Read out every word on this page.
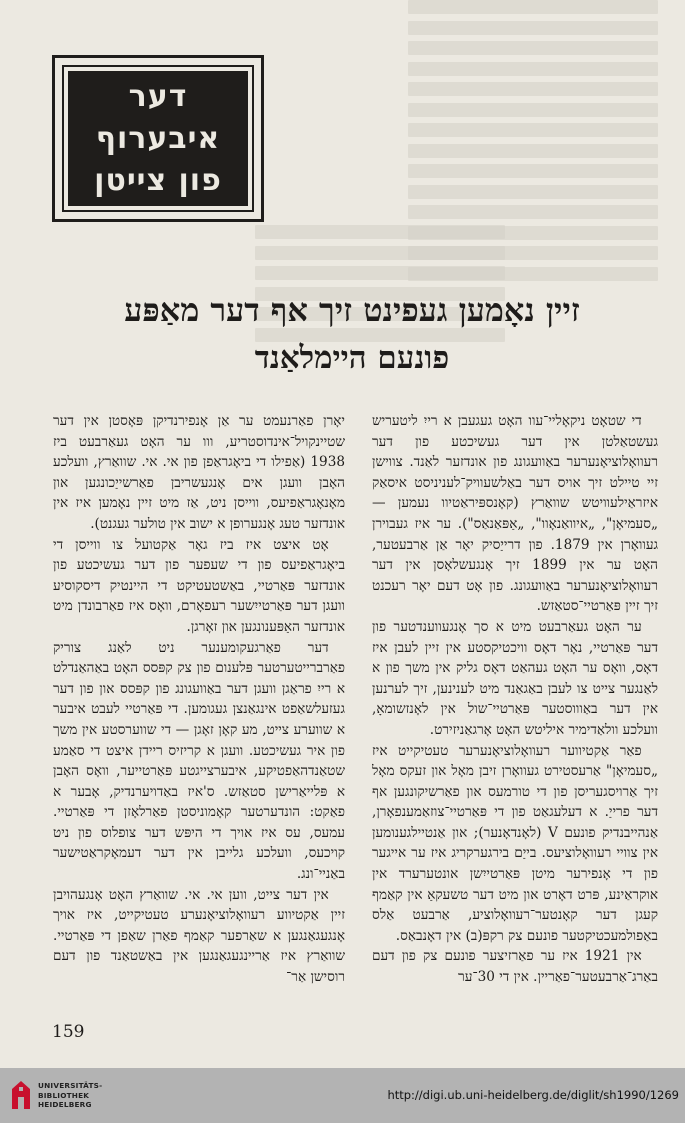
דער
איבערוף
פון צייטן
זיין נאָמען געפינט זיך אף דער מאַפּע
פונעם היימלאַנד

די שטאָט ניקאָליי־עוו האָט געגעבן א רייִ ליטעריש געשטאַלטן אין דער געשיכטע פון דער רעוואָלוציאָנערער באַוועגונג פון אונדזער לאַנד. צווישן זיי טיילט זיך אויס דער באַלשעוויק־לעניניסט איסאַק איזראַילעוויטש שוואַרץ (קאָנספּיראַטיוו נעמען — „סעמיאָן", „איוואַנאָוו", „אַפּאַנאַס"). ער איז געבוירן געוואָרן אין 1879. פון דרייַסיק יאָר אַן אַרבעטער, האָט ער אין 1899 זיך אָנגעשלאָסן אין דער רעוואָלוציאָנערער באַוועגונג. פון אָט דעם יאָר רעכנט זיך זיין פּאַרטיי־סטאַזש.

ער האָט געאַרבעט מיט א סך אָנגעווענדטער פון דער פּאַרטיי, נאָר דאָס וויכטיקסטע אין זיין לעבן איז דאָס, וואָס ער האָט געהאַט דאָס גליק אין משך פון א לאַנגער צייט צו לעבן באַגאַנד מיט לענינען, זיך לערנען אין דער באַוווסטער פּאַרטיי־שול אין לאָנזשומאָ, וועלכע וולאַדימיר איליטש האָט אָרגאַניזירט.

פאַר אַקטיווער רעוואָלוציאָנערער טעטיקייט איז „סעמיאָן" אַרעסטירט געוואָרן זיבן מאָל און זעקס מאָל זיך אַרויסגעריסן פון די טורמעס און פאַרשיקונגען אף דער פרייַ. א דעלעגאַט פון די פּאַרטיי־צוזאַמענפאָרן, אַנהייבנדיק פונעם V (לאָנדאָנער); און אַנטיילגענומען אין צוויי רעוואָלוציעס. בייַם בירגערקריג איז ער אייגער פון די אָנפירער מיטן פּאַרטייִשן אונטערערד אין אוקראַינע, פּרט דאָרט און מיט דער טשעקאַ אין קאַמף קעגן דער קאָנטער־רעוואָלוציע, אַרבעט אַלס באַפולמעכטיקטער פונעם צק רקפּ(ב) אין דאָנבאַס.

אין 1921 איז ער פאַרזיצער פונעם צק פון דעם באַרג־אַרבעטער־פאַריין. אין די 30־ער

יאָרן פאַרנעמט ער אַן אָנפירנדיקן פּאָסטן אין דער שטיינקויל־אינדוסטריע, ווו ער האָט געאַרבעט ביז 1938 (אַפילו די ביאָגראַפן פון אי. אי. שוואַרץ, וועלכע האָבן וועגן אים אָנגעשריבן פאַרשייַכונגען און מאָנאָגראַפיעס, ווייסן ניט, אַז מיט זיין נאָמען איז אין אונדזער טעג אָנגערופן א ישוב אין טולער געגנט).

אָט איצט איז ביז גאָר אַקטועל צו ווייסן די ביאָגראַפיעס פון די שעפער פון דער געשיכטע פון אונדזער פּאַרטיי, באַשטעטיקט די היינטיק דיסקוסיע וועגן דער פּאַרטייִשער רעפאָרם, וואָס איז פאַרבונדן מיט אונדזער האַפּענונגען און זאָרגן.

דער פאַרגעקומענער ניט לאַנג צוריק פאַרברייטערטער פּלענום פון צק קפּסס האָט באַהאַנדלט א רייִ פראַגן וועגן דער באַוועגונג פון קפּסס און פון דער געזעלשאַפט אינגאַנצן געגומען. די פּאַרטיי לעבט איבער א שווערע צייט, מע קאָן זאָגן — די שווערסטע אין משך פון איר געשיכטע. וועגן א קריזיס ריידן איצט די סאַמע שטאַנדהאַפטיקע, איבערצייגטע פּאַרטייער, וואָס האָבן א פּלייאַרישן סטאַזש. ס'איז באַדויערנדיק, אָבער א פאַקט: הונדערטער קאָמוניסטן פאַרלאָזן די פּאַרטיי. עמעס, עס איז אויך די היפּש דער צופלוס פון ניט קויכעס, וועלכע גלייבן אין דער דעמאָקראַטישער באַניי־ונג.

אין דער צייט, ווען אי. אי. שוואַרץ האָט אָנגעהויבן זיין אַקטיווע רעוואָלוציאָנערע טעטיקייט, איז אויך אָנגעגאַנגען א שאַרפער קאַמף פאַרן שאַפן די פּאַרטיי. שוואַרץ איז אַריינגעגאַנגען אין באַשטאַנד פון דעם רוסישן אַר־

159
UNIVERSITÄTS-
BIBLIOTHEK
HEIDELBERG
http://digi.ub.uni-heidelberg.de/diglit/sh1990/1269
